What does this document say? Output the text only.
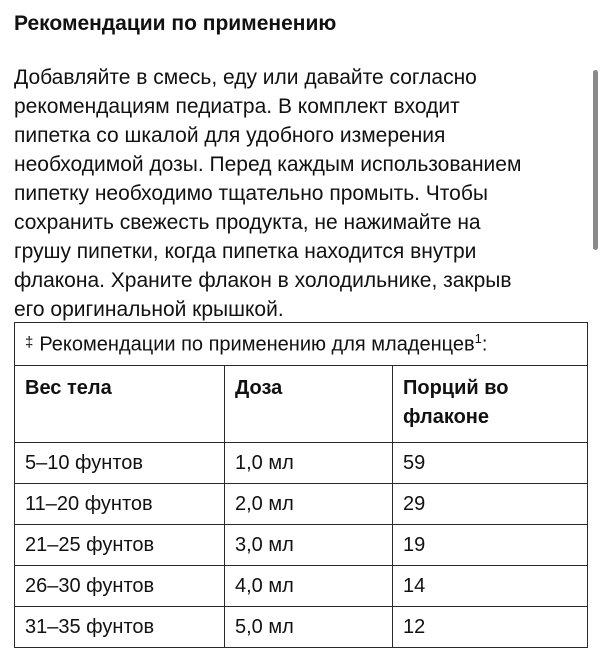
Рекомендации по применению

Добавляйте в смесь, еду или давайте согласно
рекомендациям педиатра. В комплект входит
пипетка со шкалой для удобного измерения
необходимой дозы. Перед каждым использованием
пипетку необходимо тщательно промыть. Чтобы
сохранить свежесть продукта, не нажимайте на
грушу пипетки, когда пипетка находится внутри
флакона. Храните флакон в холодильнике, закрыв
его оригинальной крышкой.

‡ Рекомендации по применению для младенцев$^1$:		
Вес тела	Доза	Порций во флаконе
5–10 фунтов	1,0 мл	59
11–20 фунтов	2,0 мл	29
21–25 фунтов	3,0 мл	19
26–30 фунтов	4,0 мл	14
31–35 фунтов	5,0 мл	12
